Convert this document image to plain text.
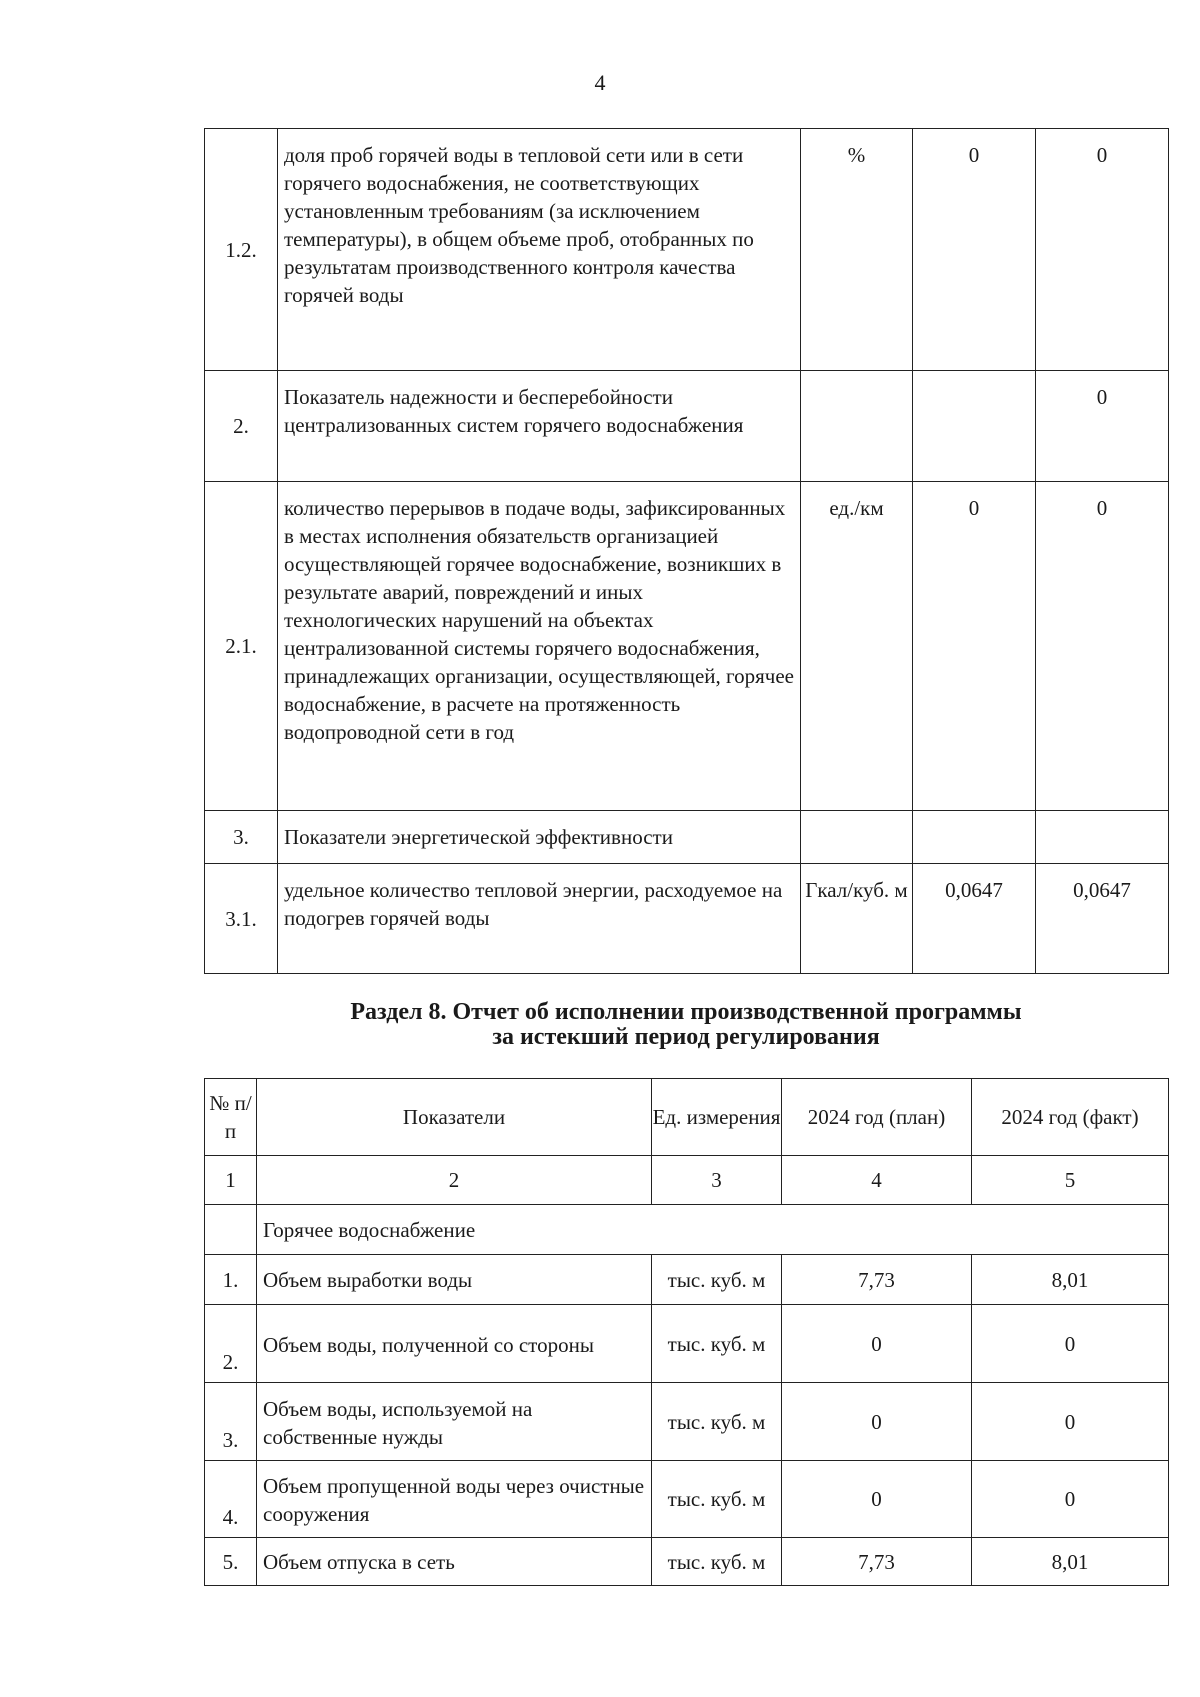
4
1.2.	доля проб горячей воды в тепловой сети или в сети горячего водоснабжения, не соответствующих установленным требованиям (за исключением температуры), в общем объеме проб, отобранных по результатам производственного контроля качества горячей воды	%	0	0
2.	Показатель надежности и бесперебойности централизованных систем горячего водоснабжения			0
2.1.	количество перерывов в подаче воды, зафиксированных в местах исполнения обязательств организацией осуществляющей горячее водоснабжение, возникших в результате аварий, повреждений и иных технологических нарушений на объектах централизованной системы горячего водоснабжения, принадлежащих организации, осуществляющей, горячее водоснабжение, в расчете на протяженность водопроводной сети в год	ед./км	0	0
3.	Показатели энергетической эффективности			
3.1.	удельное количество тепловой энергии, расходуемое на подогрев горячей воды	Гкал/куб. м	0,0647	0,0647
Раздел 8. Отчет об исполнении производственной программы
за истекший период регулирования
№ п/п	Показатели	Ед. измерения	2024 год (план)	2024 год (факт)
1	2	3	4	5
	Горячее водоснабжение			
1.	Объем выработки воды	тыс. куб. м	7,73	8,01
2.	Объем воды, полученной со стороны	тыс. куб. м	0	0
3.	Объем воды, используемой на собственные нужды	тыс. куб. м	0	0
4.	Объем пропущенной воды через очистные сооружения	тыс. куб. м	0	0
5.	Объем отпуска в сеть	тыс. куб. м	7,73	8,01
